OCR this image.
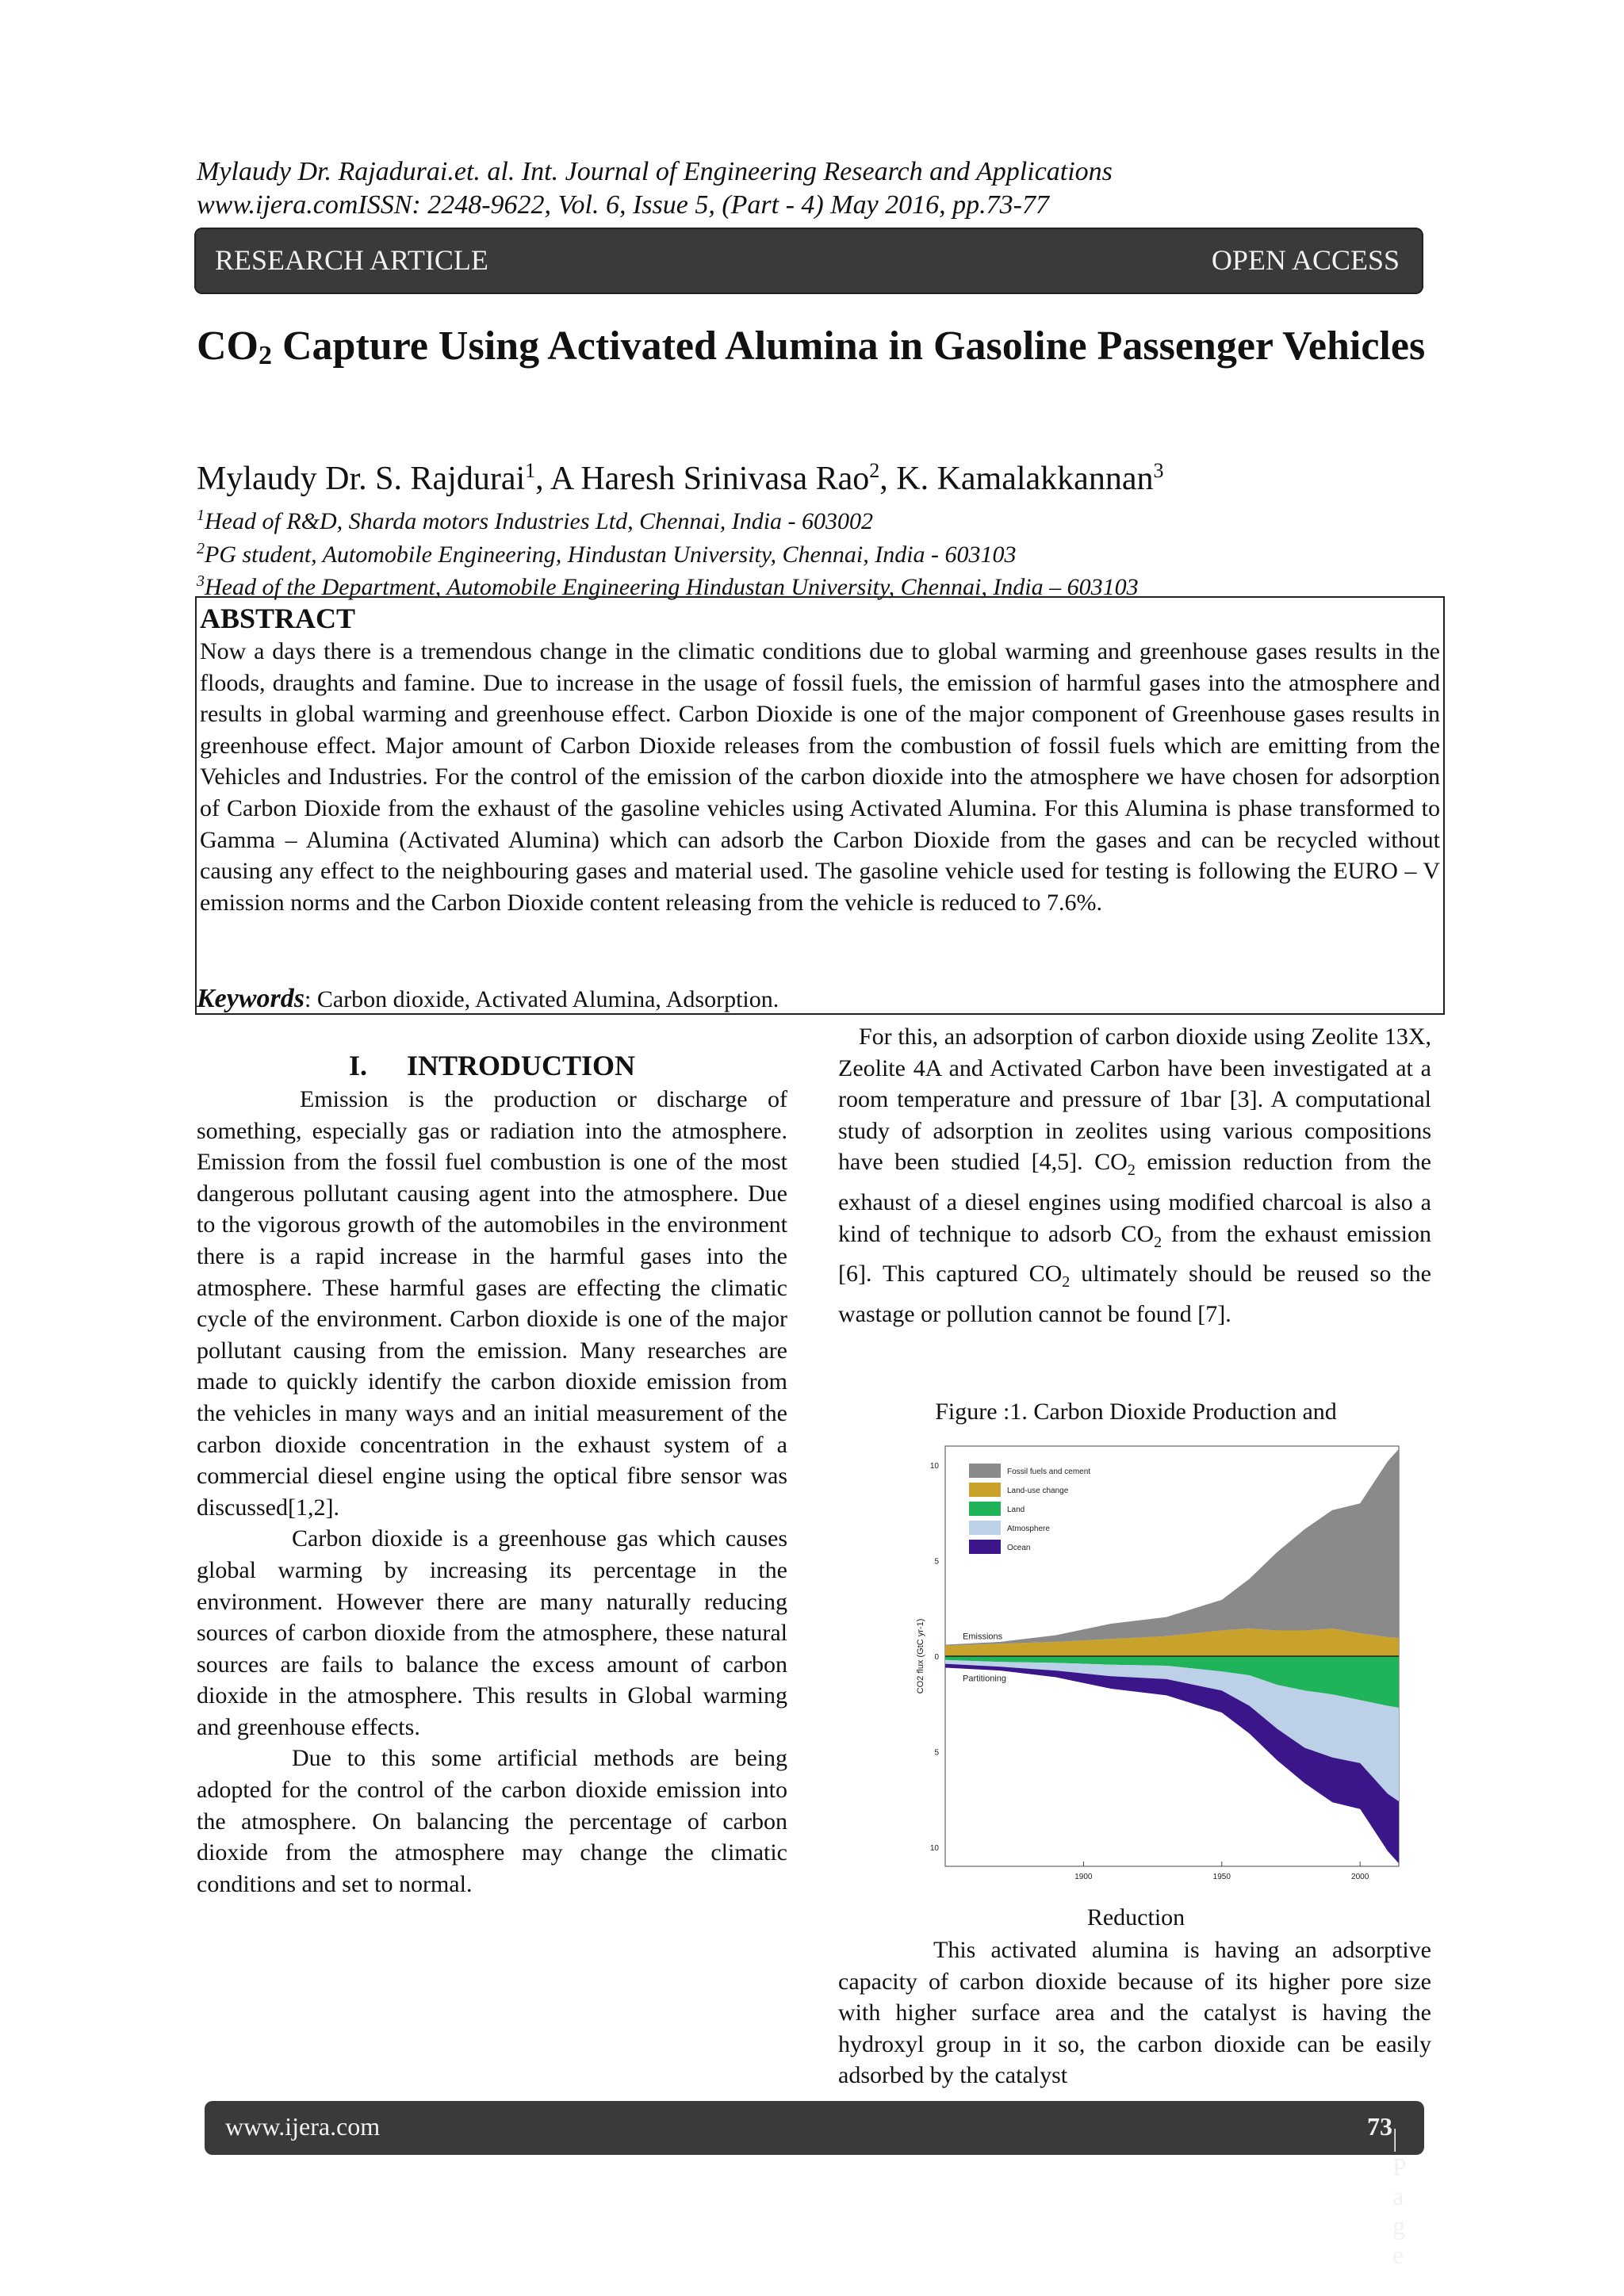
Mylaudy Dr. Rajadurai.et. al. Int. Journal of Engineering Research and Applications
www.ijera.comISSN: 2248-9622, Vol. 6, Issue 5, (Part - 4) May 2016, pp.73-77
RESEARCH ARTICLE	OPEN ACCESS
$CO_2$ Capture Using Activated Alumina in Gasoline Passenger Vehicles
Mylaudy Dr. S. Rajdurai$^1$, A Haresh Srinivasa Rao$^2$, K. Kamalakkannan$^3$
$^1$Head of R&D, Sharda motors Industries Ltd, Chennai, India - 603002
$^2$PG student, Automobile Engineering, Hindustan University, Chennai, India - 603103
$^3$Head of the Department, Automobile Engineering Hindustan University, Chennai, India – 603103
ABSTRACT
Now a days there is a tremendous change in the climatic conditions due to global warming and greenhouse gases results in the floods, draughts and famine. Due to increase in the usage of fossil fuels, the emission of harmful gases into the atmosphere and results in global warming and greenhouse effect. Carbon Dioxide is one of the major component of Greenhouse gases results in greenhouse effect. Major amount of Carbon Dioxide releases from the combustion of fossil fuels which are emitting from the Vehicles and Industries. For the control of the emission of the carbon dioxide into the atmosphere we have chosen for adsorption of Carbon Dioxide from the exhaust of the gasoline vehicles using Activated Alumina. For this Alumina is phase transformed to Gamma – Alumina (Activated Alumina) which can adsorb the Carbon Dioxide from the gases and can be recycled without causing any effect to the neighbouring gases and material used. The gasoline vehicle used for testing is following the EURO – V emission norms and the Carbon Dioxide content releasing from the vehicle is reduced to 7.6%.
Keywords: Carbon dioxide, Activated Alumina, Adsorption.
I. INTRODUCTION

Emission is the production or discharge of something, especially gas or radiation into the atmosphere. Emission from the fossil fuel combustion is one of the most dangerous pollutant causing agent into the atmosphere. Due to the vigorous growth of the automobiles in the environment there is a rapid increase in the harmful gases into the atmosphere. These harmful gases are effecting the climatic cycle of the environment. Carbon dioxide is one of the major pollutant causing from the emission. Many researches are made to quickly identify the carbon dioxide emission from the vehicles in many ways and an initial measurement of the carbon dioxide concentration in the exhaust system of a commercial diesel engine using the optical fibre sensor was discussed[1,2].

Carbon dioxide is a greenhouse gas which causes global warming by increasing its percentage in the environment. However there are many naturally reducing sources of carbon dioxide from the atmosphere, these natural sources are fails to balance the excess amount of carbon dioxide in the atmosphere. This results in Global warming and greenhouse effects.

Due to this some artificial methods are being adopted for the control of the carbon dioxide emission into the atmosphere. On balancing the percentage of carbon dioxide from the atmosphere may change the climatic conditions and set to normal.

For this, an adsorption of carbon dioxide using Zeolite 13X, Zeolite 4A and Activated Carbon have been investigated at a room temperature and pressure of 1bar [3]. A computational study of adsorption in zeolites using various compositions have been studied [4,5]. $CO_2$ emission reduction from the exhaust of a diesel engines using modified charcoal is also a kind of technique to adsorb $CO_2$ from the exhaust emission [6]. This captured $CO_2$ ultimately should be reused so the wastage or pollution cannot be found [7].
Figure :1. Carbon Dioxide Production and
Fossil fuels and cement
Land-use change
Land
Atmosphere
Ocean
1900	1950	2000
10
5
0
5
10
Emissions
Partitioning
CO2 flux (GtC yr-1)
Reduction
This activated alumina is having an adsorptive capacity of carbon dioxide because of its higher pore size with higher surface area and the catalyst is having the hydroxyl group in it so, the carbon dioxide can be easily adsorbed by the catalyst
www.ijera.com	73 | P a g e
